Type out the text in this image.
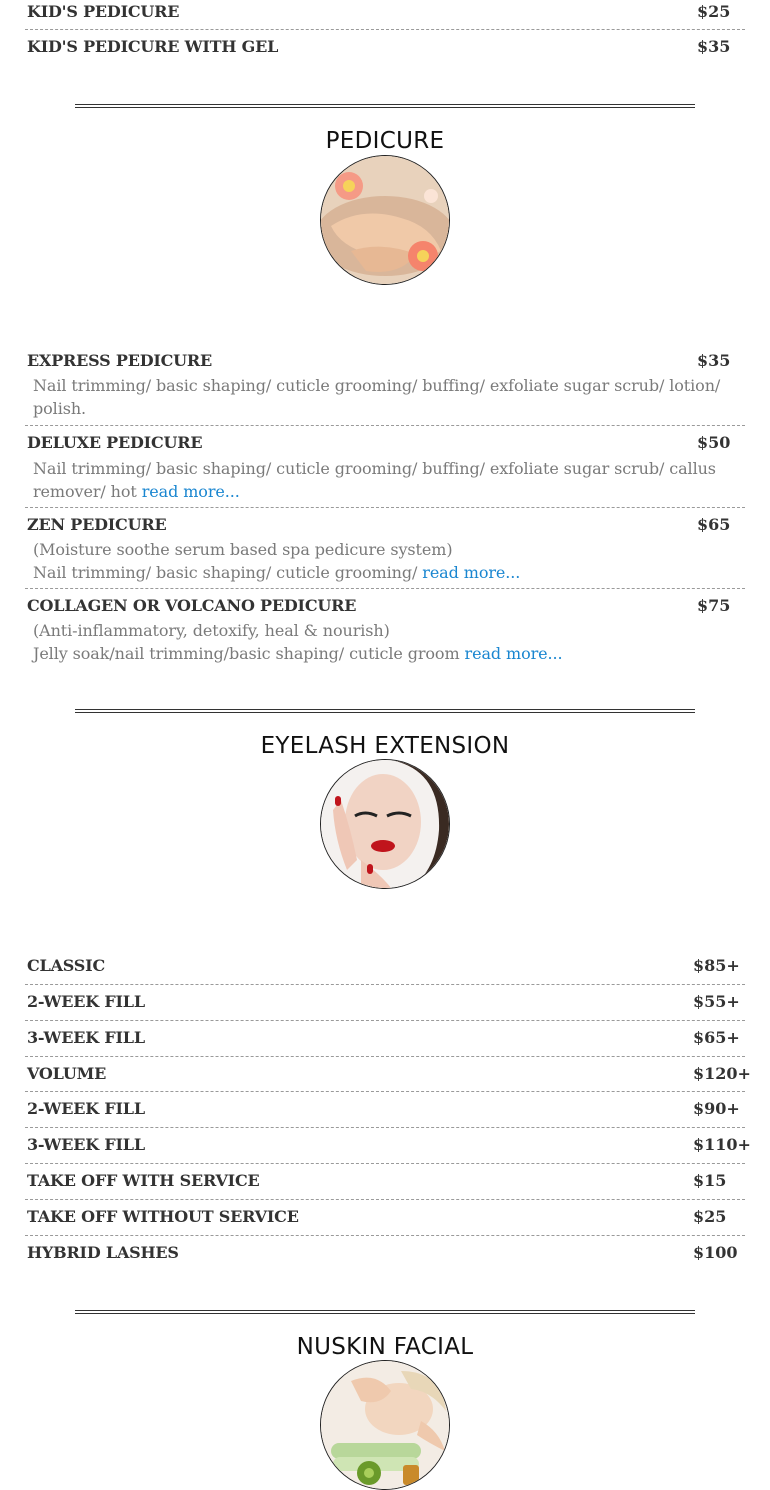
KID'S PEDICURE	$25
KID'S PEDICURE WITH GEL	$35
PEDICURE
EXPRESS PEDICURE	$35
Nail trimming/ basic shaping/ cuticle grooming/ buffing/ exfoliate sugar scrub/ lotion/
polish.
DELUXE PEDICURE	$50
Nail trimming/ basic shaping/ cuticle grooming/ buffing/ exfoliate sugar scrub/ callus
remover/ hot read more...
ZEN PEDICURE	$65
(Moisture soothe serum based spa pedicure system)
Nail trimming/ basic shaping/ cuticle grooming/ read more...
COLLAGEN OR VOLCANO PEDICURE	$75
(Anti-inflammatory, detoxify, heal & nourish)
Jelly soak/nail trimming/basic shaping/ cuticle groom read more...
EYELASH EXTENSION
CLASSIC	$85+
2-WEEK FILL	$55+
3-WEEK FILL	$65+
VOLUME	$120+
2-WEEK FILL	$90+
3-WEEK FILL	$110+
TAKE OFF WITH SERVICE	$15
TAKE OFF WITHOUT SERVICE	$25
HYBRID LASHES	$100
NUSKIN FACIAL
